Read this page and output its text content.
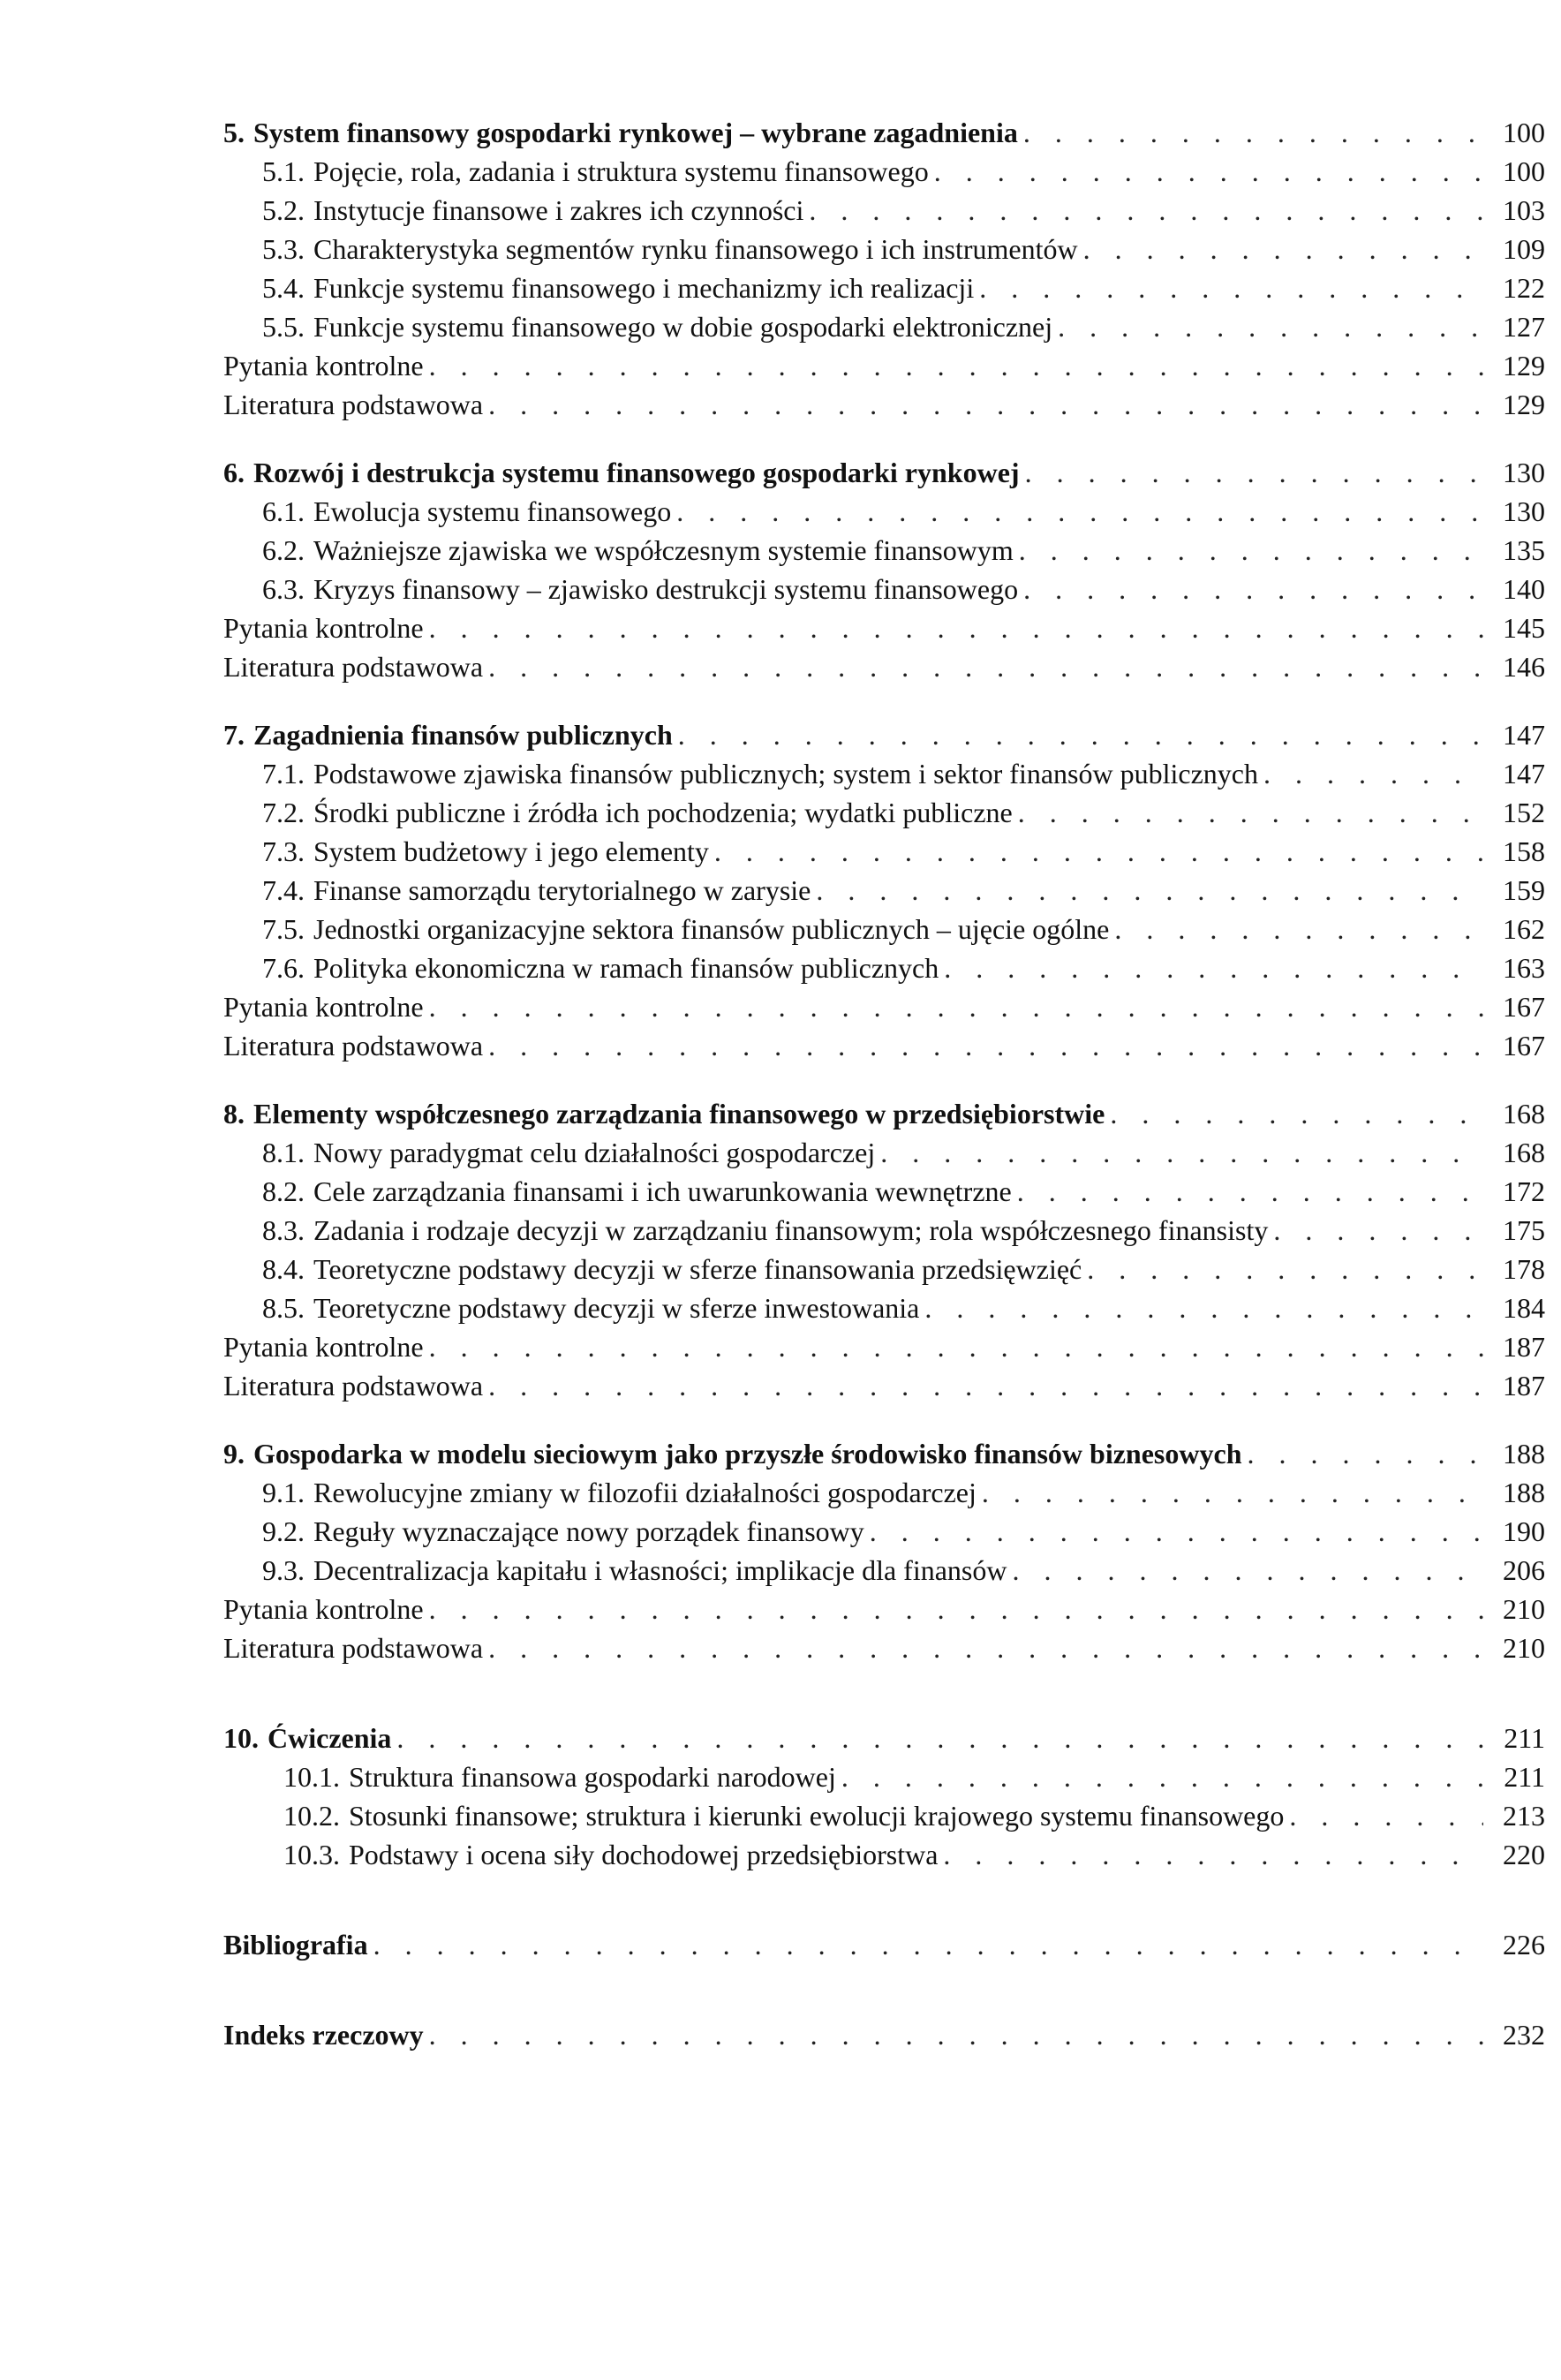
5. System finansowy gospodarki rynkowej – wybrane zagadnienia . . .	100
5.1. Pojęcie, rola, zadania i struktura systemu finansowego . . .	100
5.2. Instytucje finansowe i zakres ich czynności . . .	103
5.3. Charakterystyka segmentów rynku finansowego i ich instrumentów . . .	109
5.4. Funkcje systemu finansowego i mechanizmy ich realizacji . . .	122
5.5. Funkcje systemu finansowego w dobie gospodarki elektronicznej . . .	127
Pytania kontrolne . . .	129
Literatura podstawowa . . .	129
6. Rozwój i destrukcja systemu finansowego gospodarki rynkowej . . .	130
6.1. Ewolucja systemu finansowego . . .	130
6.2. Ważniejsze zjawiska we współczesnym systemie finansowym . . .	135
6.3. Kryzys finansowy – zjawisko destrukcji systemu finansowego . . .	140
Pytania kontrolne . . .	145
Literatura podstawowa . . .	146
7. Zagadnienia finansów publicznych . . .	147
7.1. Podstawowe zjawiska finansów publicznych; system i sektor finansów publicznych . . .	147
7.2. Środki publiczne i źródła ich pochodzenia; wydatki publiczne . . .	152
7.3. System budżetowy i jego elementy . . .	158
7.4. Finanse samorządu terytorialnego w zarysie . . .	159
7.5. Jednostki organizacyjne sektora finansów publicznych – ujęcie ogólne . . .	162
7.6. Polityka ekonomiczna w ramach finansów publicznych . . .	163
Pytania kontrolne . . .	167
Literatura podstawowa . . .	167
8. Elementy współczesnego zarządzania finansowego w przedsiębiorstwie . . .	168
8.1. Nowy paradygmat celu działalności gospodarczej . . .	168
8.2. Cele zarządzania finansami i ich uwarunkowania wewnętrzne . . .	172
8.3. Zadania i rodzaje decyzji w zarządzaniu finansowym; rola współczesnego finansisty . . .	175
8.4. Teoretyczne podstawy decyzji w sferze finansowania przedsięwzięć . . .	178
8.5. Teoretyczne podstawy decyzji w sferze inwestowania . . .	184
Pytania kontrolne . . .	187
Literatura podstawowa . . .	187
9. Gospodarka w modelu sieciowym jako przyszłe środowisko finansów biznesowych . . .	188
9.1. Rewolucyjne zmiany w filozofii działalności gospodarczej . . .	188
9.2. Reguły wyznaczające nowy porządek finansowy . . .	190
9.3. Decentralizacja kapitału i własności; implikacje dla finansów . . .	206
Pytania kontrolne . . .	210
Literatura podstawowa . . .	210
10. Ćwiczenia . . .	211
10.1. Struktura finansowa gospodarki narodowej . . .	211
10.2. Stosunki finansowe; struktura i kierunki ewolucji krajowego systemu finansowego . . .	213
10.3. Podstawy i ocena siły dochodowej przedsiębiorstwa . . .	220
Bibliografia . . .	226
Indeks rzeczowy . . .	232
